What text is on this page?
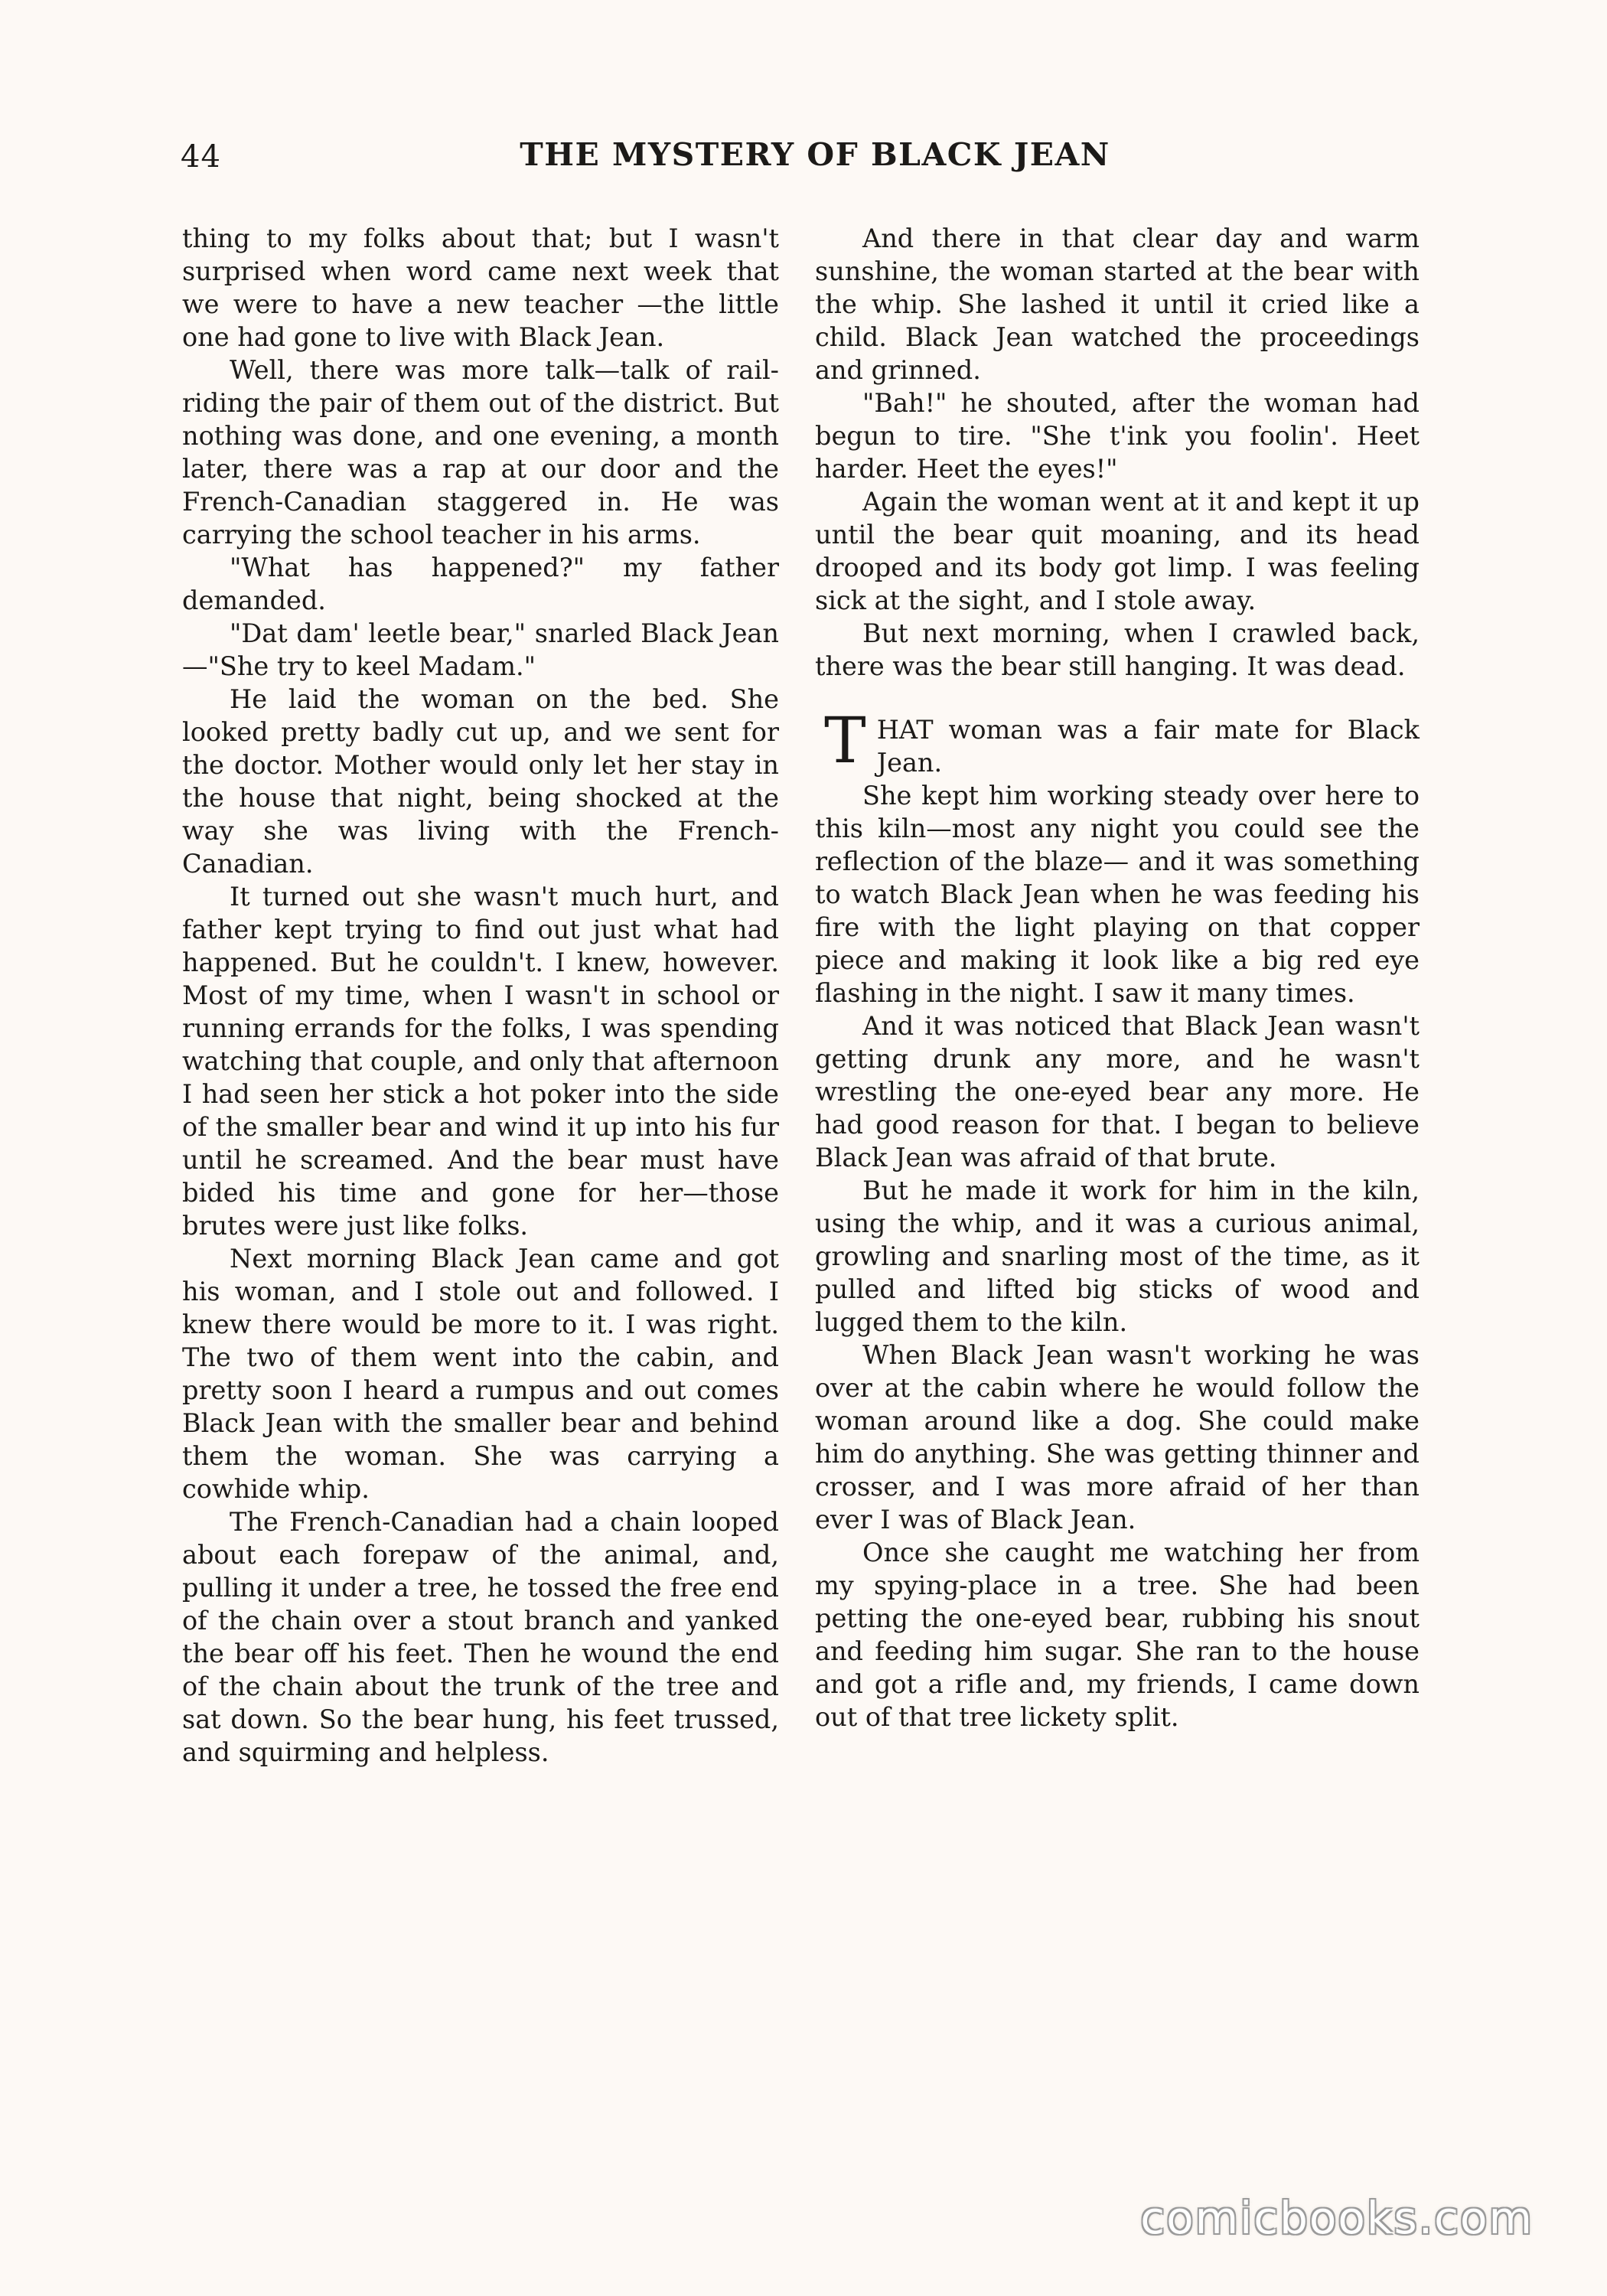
44	THE MYSTERY OF BLACK JEAN

thing to my folks about that; but I wasn't surprised when word came next week that we were to have a new teacher —the little one had gone to live with Black Jean.

Well, there was more talk—talk of rail-riding the pair of them out of the district. But nothing was done, and one evening, a month later, there was a rap at our door and the French-Canadian staggered in. He was carrying the school teacher in his arms.

"What has happened?" my father demanded.

"Dat dam' leetle bear," snarled Black Jean—"She try to keel Madam."

He laid the woman on the bed. She looked pretty badly cut up, and we sent for the doctor. Mother would only let her stay in the house that night, being shocked at the way she was living with the French-Canadian.

It turned out she wasn't much hurt, and father kept trying to find out just what had happened. But he couldn't. I knew, however. Most of my time, when I wasn't in school or running errands for the folks, I was spending watching that couple, and only that afternoon I had seen her stick a hot poker into the side of the smaller bear and wind it up into his fur until he screamed. And the bear must have bided his time and gone for her—those brutes were just like folks.

Next morning Black Jean came and got his woman, and I stole out and followed. I knew there would be more to it. I was right. The two of them went into the cabin, and pretty soon I heard a rumpus and out comes Black Jean with the smaller bear and behind them the woman. She was carrying a cowhide whip.

The French-Canadian had a chain looped about each forepaw of the animal, and, pulling it under a tree, he tossed the free end of the chain over a stout branch and yanked the bear off his feet. Then he wound the end of the chain about the trunk of the tree and sat down. So the bear hung, his feet trussed, and squirming and helpless.

And there in that clear day and warm sunshine, the woman started at the bear with the whip. She lashed it until it cried like a child. Black Jean watched the proceedings and grinned.

"Bah!" he shouted, after the woman had begun to tire. "She t'ink you foolin'. Heet harder. Heet the eyes!"

Again the woman went at it and kept it up until the bear quit moaning, and its head drooped and its body got limp. I was feeling sick at the sight, and I stole away.

But next morning, when I crawled back, there was the bear still hanging. It was dead.

THAT woman was a fair mate for Black Jean.

She kept him working steady over here to this kiln—most any night you could see the reflection of the blaze— and it was something to watch Black Jean when he was feeding his fire with the light playing on that copper piece and making it look like a big red eye flashing in the night. I saw it many times.

And it was noticed that Black Jean wasn't getting drunk any more, and he wasn't wrestling the one-eyed bear any more. He had good reason for that. I began to believe Black Jean was afraid of that brute.

But he made it work for him in the kiln, using the whip, and it was a curious animal, growling and snarling most of the time, as it pulled and lifted big sticks of wood and lugged them to the kiln.

When Black Jean wasn't working he was over at the cabin where he would follow the woman around like a dog. She could make him do anything. She was getting thinner and crosser, and I was more afraid of her than ever I was of Black Jean.

Once she caught me watching her from my spying-place in a tree. She had been petting the one-eyed bear, rubbing his snout and feeding him sugar. She ran to the house and got a rifle and, my friends, I came down out of that tree lickety split.

comicbooks.com
